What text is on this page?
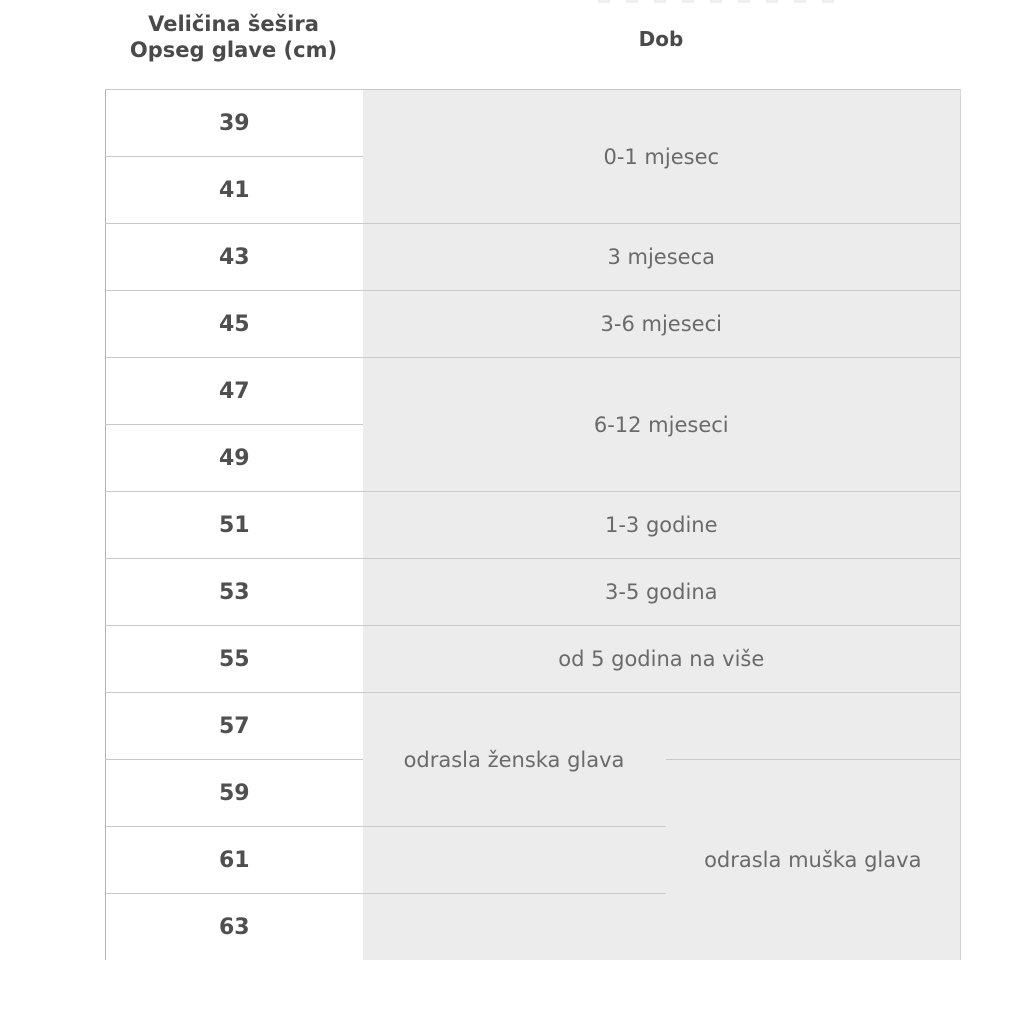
Veličina šešira
Opseg glave (cm)	Dob
39	0-1 mjesec	
41		
43	3 mjeseca	
45	3-6 mjeseci	
47	6-12 mjeseci	
49		
51	1-3 godine	
53	3-5 godina	
55	od 5 godina na više	
57	odrasla ženska glava	
59		odrasla muška glava
61		
63		
